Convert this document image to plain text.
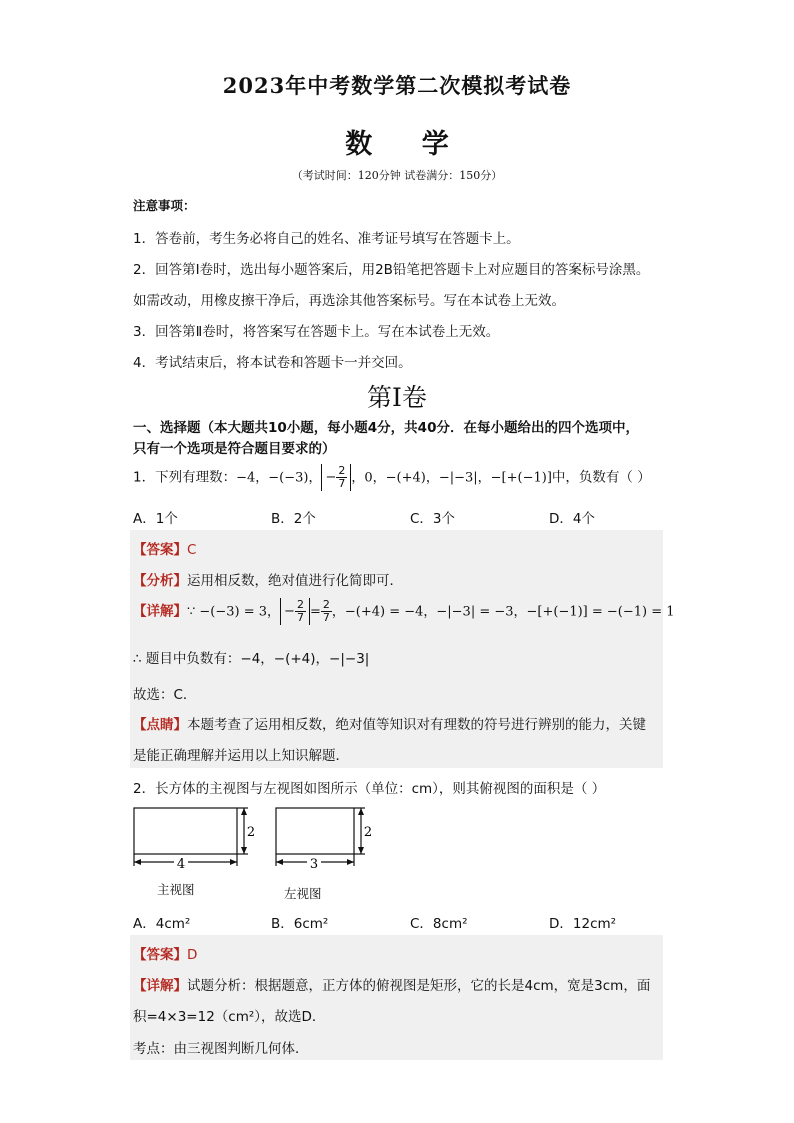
2023年中考数学第二次模拟考试卷
数 学
（考试时间：120分钟 试卷满分：150分）
注意事项：
1．答卷前，考生务必将自己的姓名、准考证号填写在答题卡上。
2．回答第Ⅰ卷时，选出每小题答案后，用2B铅笔把答题卡上对应题目的答案标号涂黑。
如需改动，用橡皮擦干净后，再选涂其他答案标号。写在本试卷上无效。
3．回答第Ⅱ卷时，将答案写在答题卡上。写在本试卷上无效。
4．考试结束后，将本试卷和答题卡一并交回。
第Ⅰ卷
一、选择题（本大题共10小题，每小题4分，共40分．在每小题给出的四个选项中，
只有一个选项是符合题目要求的）
1．下列有理数：−4，−(−3)， − $\frac{2}{7}$ ，0，−(+4)，−|−3|，−[+(−1)]中，负数有（ ）
A．1个	B．2个	C．3个	D．4个
【答案】C
【分析】运用相反数，绝对值进行化简即可．
【详解】∵ −(−3) = 3， − $\frac{2}{7} = \frac{2}{7}$ ，−(+4) = −4，−|−3| = −3，−[+(−1)] = −(−1) = 1
∴ 题目中负数有：−4，−(+4)，−|−3|
故选：C．
【点睛】本题考查了运用相反数，绝对值等知识对有理数的符号进行辨别的能力，关键
是能正确理解并运用以上知识解题．
2．长方体的主视图与左视图如图所示（单位：cm），则其俯视图的面积是（ ）
4
2
3
2
主视图	左视图
A．4cm²	B．6cm²	C．8cm²	D．12cm²
【答案】D
【详解】试题分析：根据题意，正方体的俯视图是矩形，它的长是4cm，宽是3cm，面
积=4×3=12（cm²），故选D．
考点：由三视图判断几何体．
